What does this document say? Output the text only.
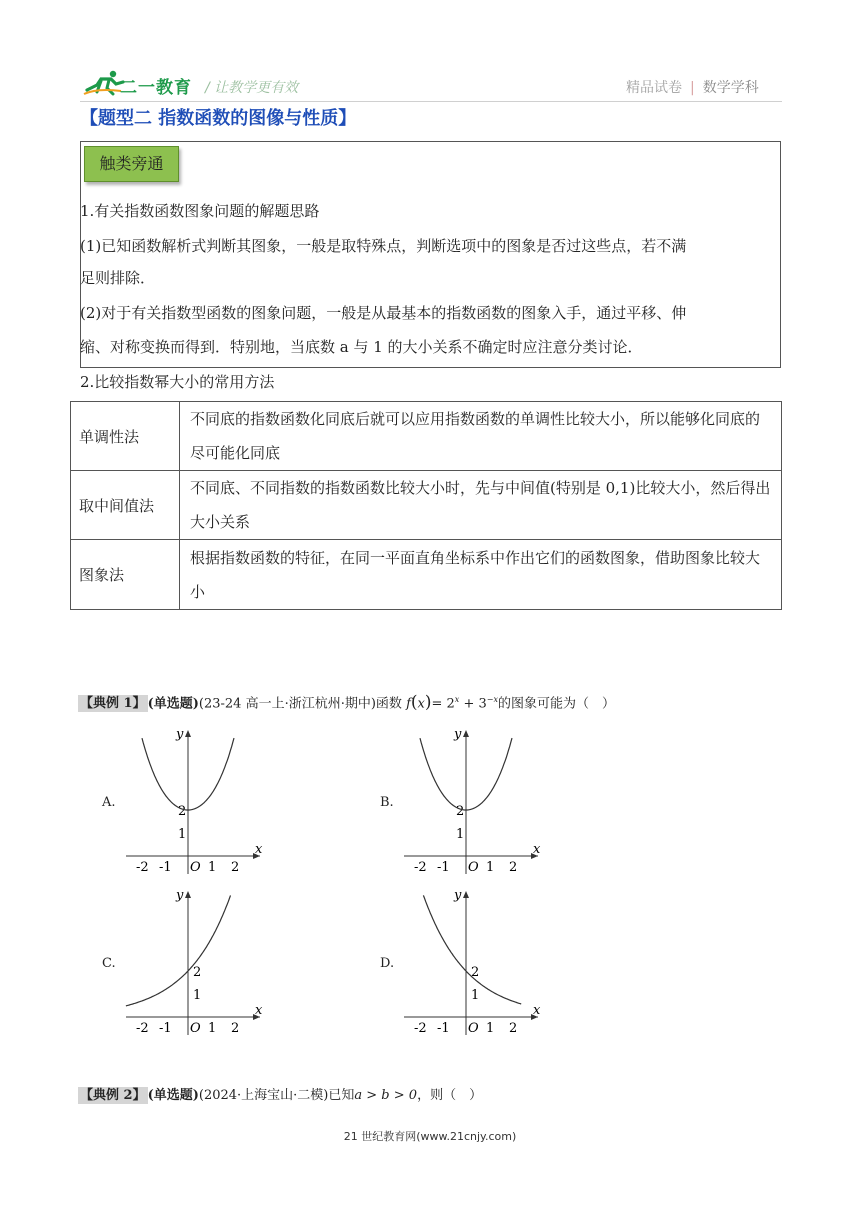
二一教育 / 让教学更有效	精品试卷 | 数学学科
【题型二 指数函数的图像与性质】
触类旁通
1.有关指数函数图象问题的解题思路
(1)已知函数解析式判断其图象，一般是取特殊点，判断选项中的图象是否过这些点，若不满
足则排除．
(2)对于有关指数型函数的图象问题，一般是从最基本的指数函数的图象入手，通过平移、伸
缩、对称变换而得到．特别地，当底数 a 与 1 的大小关系不确定时应注意分类讨论．
2.比较指数幂大小的常用方法
单调性法	不同底的指数函数化同底后就可以应用指数函数的单调性比较大小，所以能够化同底的尽可能化同底
取中间值法	不同底、不同指数的指数函数比较大小时，先与中间值(特别是 0,1)比较大小，然后得出大小关系
图象法	根据指数函数的特征，在同一平面直角坐标系中作出它们的函数图象，借助图象比较大小
【典例 1】 (单选题)(23-24 高一上·浙江杭州·期中)函数 $f(x)= 2^x + 3^{-x}$的图象可能为（　）
A.	B.
C.	D.
y
x
O
-2 -1	1 2
1
2
y
x
O
-2 -1	1 2
1
2
y
x
O
-2 -1	1 2
1
2
y
x
O
-2 -1	1 2
1
2
【典例 2】 (单选题)(2024·上海宝山·二模)已知a > b > 0，则（　）
21 世纪教育网(www.21cnjy.com)
